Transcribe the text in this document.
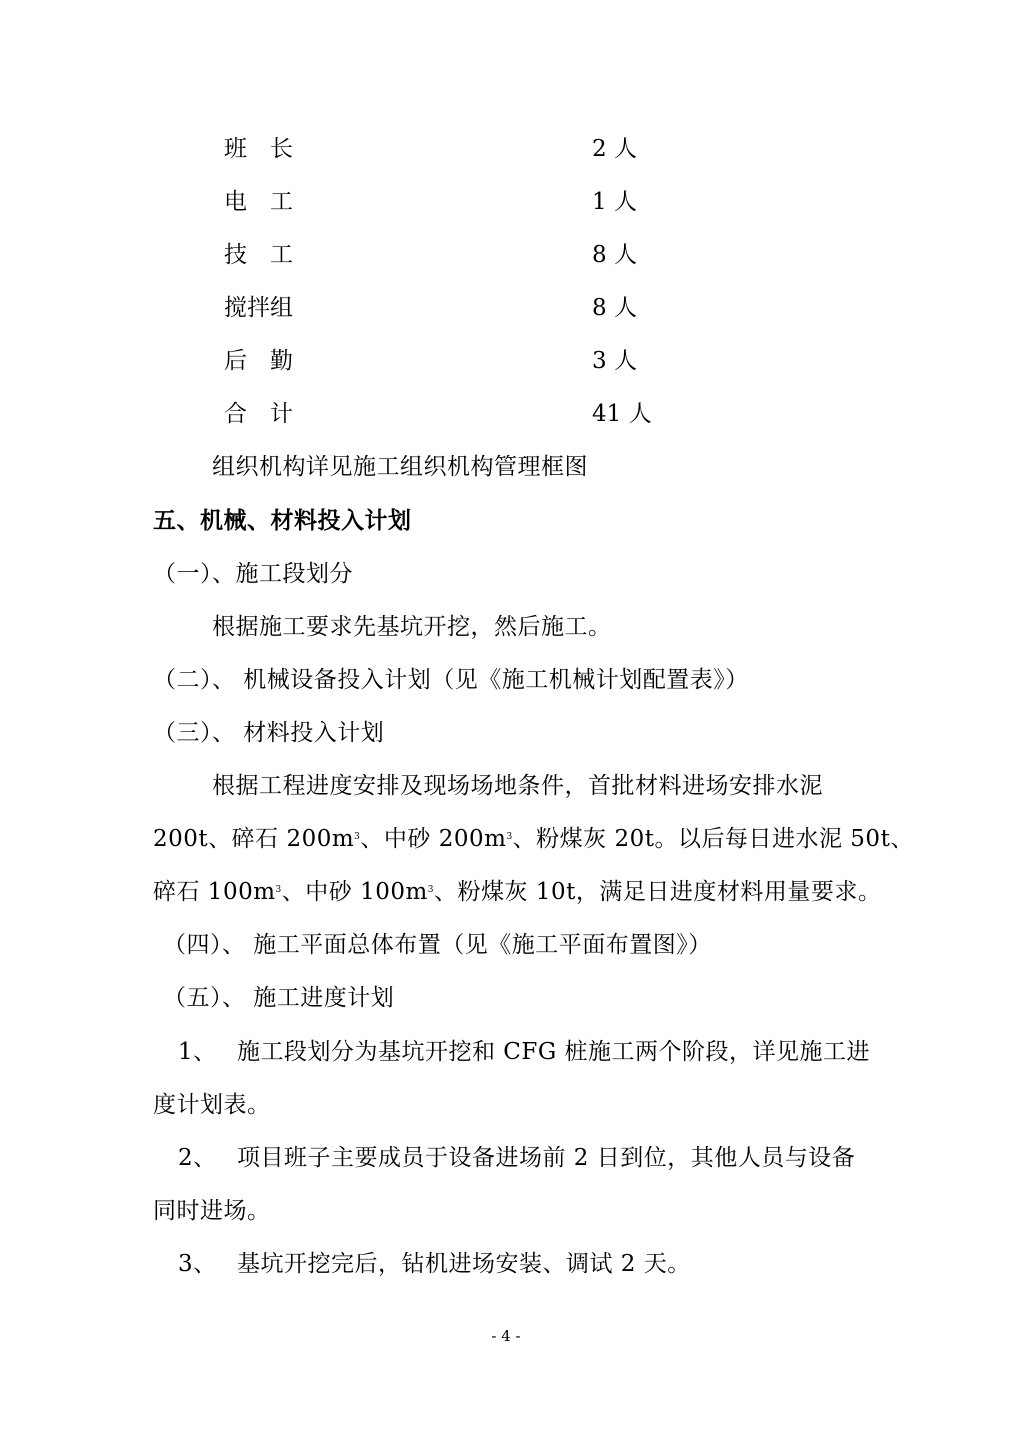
班　长	2 人
电　工	1 人
技　工	8 人
搅拌组	8 人
后　勤	3 人
合　计	41 人
组织机构详见施工组织机构管理框图
五、机械、材料投入计划
（一）、施工段划分
根据施工要求先基坑开挖，然后施工。
（二）、 机械设备投入计划（见《施工机械计划配置表》）
（三）、 材料投入计划
根据工程进度安排及现场场地条件，首批材料进场安排水泥
200t、碎石 $200m^3$、中砂 $200m^3$、粉煤灰 20t。以后每日进水泥 50t、
碎石 $100m^3$、中砂 $100m^3$、粉煤灰 10t，满足日进度材料用量要求。
（四）、 施工平面总体布置（见《施工平面布置图》）
（五）、 施工进度计划
1、 施工段划分为基坑开挖和 CFG 桩施工两个阶段，详见施工进
度计划表。
2、 项目班子主要成员于设备进场前 2 日到位，其他人员与设备
同时进场。
3、 基坑开挖完后，钻机进场安装、调试 2 天。
- 4 -
